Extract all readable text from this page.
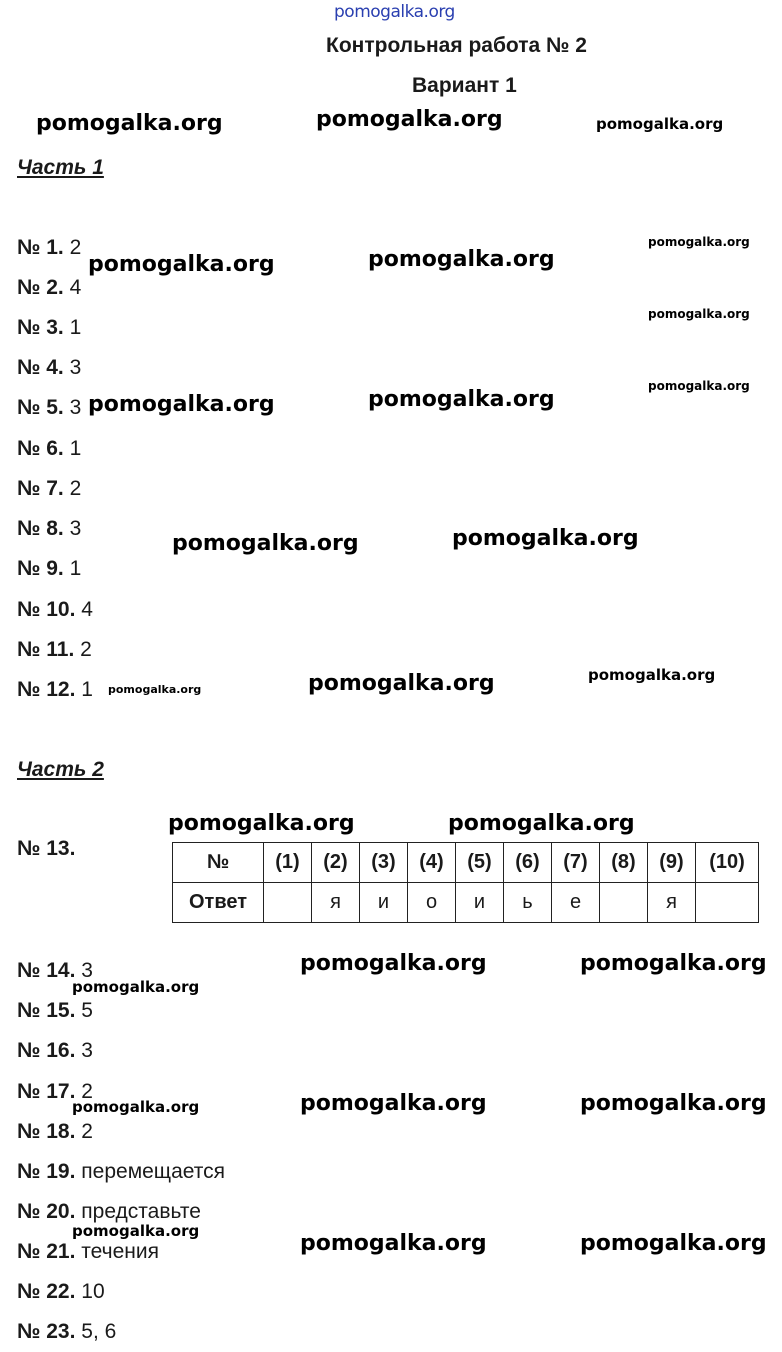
pomogalka.org
Контрольная работа № 2
Вариант 1
Часть 1
№ 1. 2
№ 2. 4
№ 3. 1
№ 4. 3
№ 5. 3
№ 6. 1
№ 7. 2
№ 8. 3
№ 9. 1
№ 10. 4
№ 11. 2
№ 12. 1
Часть 2
№ 13.
№	(1)	(2)	(3)	(4)	(5)	(6)	(7)	(8)	(9)	(10)
Ответ		я	и	о	и	ь	е		я	
№ 14. 3
№ 15. 5
№ 16. 3
№ 17. 2
№ 18. 2
№ 19. перемещается
№ 20. представьте
№ 21. течения
№ 22. 10
№ 23. 5, 6
pomogalka.org	pomogalka.org	pomogalka.org
pomogalka.org	pomogalka.org
pomogalka.org
pomogalka.org
pomogalka.org	pomogalka.org
pomogalka.org
pomogalka.org	pomogalka.org
pomogalka.org	pomogalka.org	pomogalka.org
pomogalka.org	pomogalka.org
pomogalka.org	pomogalka.org
pomogalka.org
pomogalka.org	pomogalka.org
pomogalka.org
pomogalka.org	pomogalka.org	pomogalka.org
